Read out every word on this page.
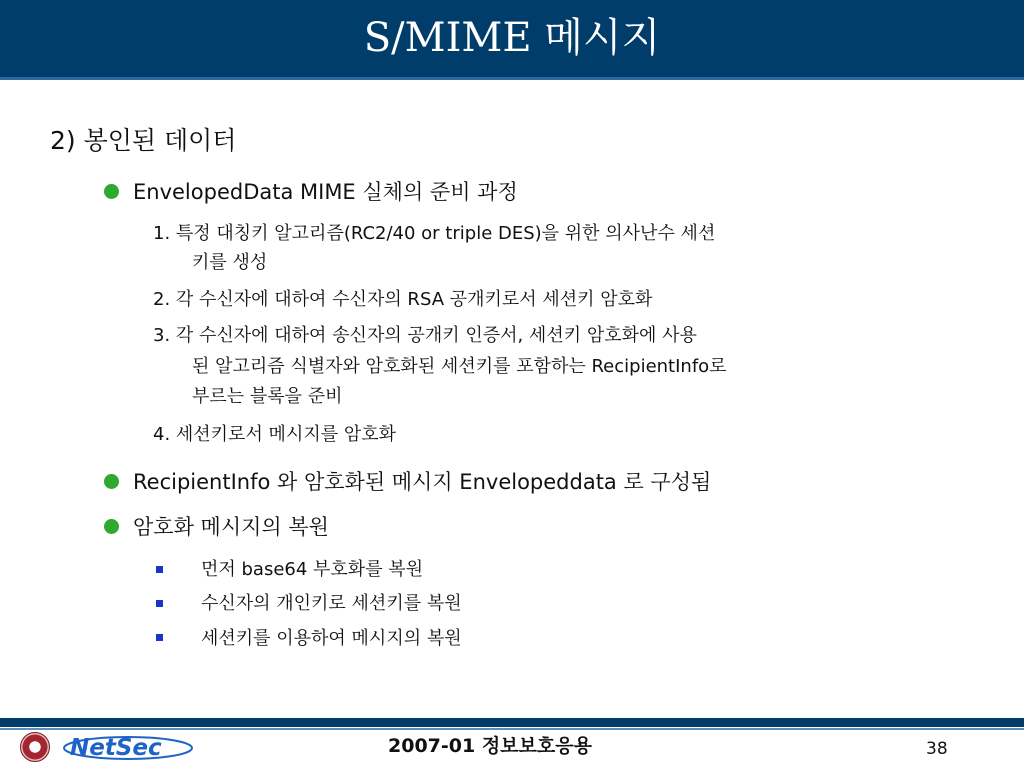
S/MIME 메시지
2) 봉인된 데이터
EnvelopedData MIME 실체의 준비 과정
1. 특정 대칭키 알고리즘(RC2/40 or triple DES)을 위한 의사난수 세션
키를 생성
2. 각 수신자에 대하여 수신자의 RSA 공개키로서 세션키 암호화
3. 각 수신자에 대하여 송신자의 공개키 인증서, 세션키 암호화에 사용
된 알고리즘 식별자와 암호화된 세션키를 포함하는 RecipientInfo로
부르는 블록을 준비
4. 세션키로서 메시지를 암호화
RecipientInfo 와 암호화된 메시지 Envelopeddata 로 구성됨
암호화 메시지의 복원
먼저 base64 부호화를 복원
수신자의 개인키로 세션키를 복원
세션키를 이용하여 메시지의 복원
NetSec	2007-01 정보보호응용	38
